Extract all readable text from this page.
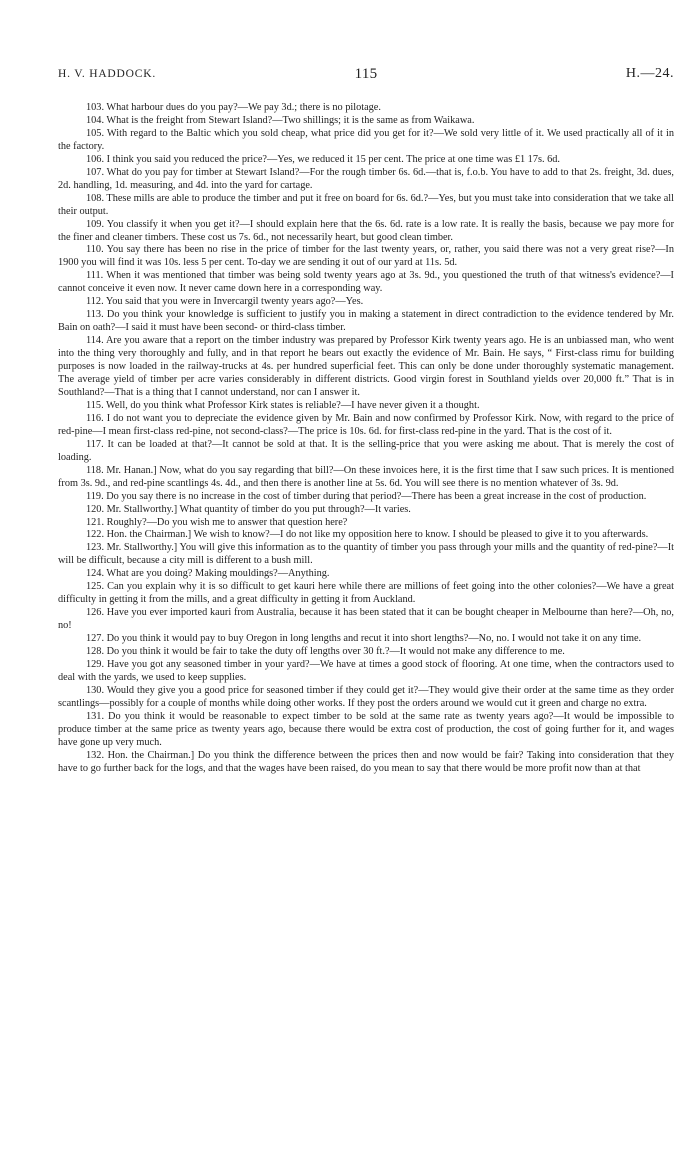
H. V. HADDOCK.	115	H.—24.

103. What harbour dues do you pay?—We pay 3d.; there is no pilotage.

104. What is the freight from Stewart Island?—Two shillings; it is the same as from Waikawa.

105. With regard to the Baltic which you sold cheap, what price did you get for it?—We sold very little of it. We used practically all of it in the factory.

106. I think you said you reduced the price?—Yes, we reduced it 15 per cent. The price at one time was £1 17s. 6d.

107. What do you pay for timber at Stewart Island?—For the rough timber 6s. 6d.—that is, f.o.b. You have to add to that 2s. freight, 3d. dues, 2d. handling, 1d. measuring, and 4d. into the yard for cartage.

108. These mills are able to produce the timber and put it free on board for 6s. 6d.?—Yes, but you must take into consideration that we take all their output.

109. You classify it when you get it?—I should explain here that the 6s. 6d. rate is a low rate. It is really the basis, because we pay more for the finer and cleaner timbers. These cost us 7s. 6d., not necessarily heart, but good clean timber.

110. You say there has been no rise in the price of timber for the last twenty years, or, rather, you said there was not a very great rise?—In 1900 you will find it was 10s. less 5 per cent. To-day we are sending it out of our yard at 11s. 5d.

111. When it was mentioned that timber was being sold twenty years ago at 3s. 9d., you questioned the truth of that witness's evidence?—I cannot conceive it even now. It never came down here in a corresponding way.

112. You said that you were in Invercargil twenty years ago?—Yes.

113. Do you think your knowledge is sufficient to justify you in making a statement in direct contradiction to the evidence tendered by Mr. Bain on oath?—I said it must have been second- or third-class timber.

114. Are you aware that a report on the timber industry was prepared by Professor Kirk twenty years ago. He is an unbiassed man, who went into the thing very thoroughly and fully, and in that report he bears out exactly the evidence of Mr. Bain. He says, “ First-class rimu for building purposes is now loaded in the railway-trucks at 4s. per hundred superficial feet. This can only be done under thoroughly systematic management. The average yield of timber per acre varies considerably in different districts. Good virgin forest in Southland yields over 20,000 ft.” That is in Southland?—That is a thing that I cannot understand, nor can I answer it.

115. Well, do you think what Professor Kirk states is reliable?—I have never given it a thought.

116. I do not want you to depreciate the evidence given by Mr. Bain and now confirmed by Professor Kirk. Now, with regard to the price of red-pine—I mean first-class red-pine, not second-class?—The price is 10s. 6d. for first-class red-pine in the yard. That is the cost of it.

117. It can be loaded at that?—It cannot be sold at that. It is the selling-price that you were asking me about. That is merely the cost of loading.

118. Mr. Hanan.] Now, what do you say regarding that bill?—On these invoices here, it is the first time that I saw such prices. It is mentioned from 3s. 9d., and red-pine scantlings 4s. 4d., and then there is another line at 5s. 6d. You will see there is no mention whatever of 3s. 9d.

119. Do you say there is no increase in the cost of timber during that period?—There has been a great increase in the cost of production.

120. Mr. Stallworthy.] What quantity of timber do you put through?—It varies.

121. Roughly?—Do you wish me to answer that question here?

122. Hon. the Chairman.] We wish to know?—I do not like my opposition here to know. I should be pleased to give it to you afterwards.

123. Mr. Stallworthy.] You will give this information as to the quantity of timber you pass through your mills and the quantity of red-pine?—It will be difficult, because a city mill is different to a bush mill.

124. What are you doing? Making mouldings?—Anything.

125. Can you explain why it is so difficult to get kauri here while there are millions of feet going into the other colonies?—We have a great difficulty in getting it from the mills, and a great difficulty in getting it from Auckland.

126. Have you ever imported kauri from Australia, because it has been stated that it can be bought cheaper in Melbourne than here?—Oh, no, no!

127. Do you think it would pay to buy Oregon in long lengths and recut it into short lengths?—No, no. I would not take it on any time.

128. Do you think it would be fair to take the duty off lengths over 30 ft.?—It would not make any difference to me.

129. Have you got any seasoned timber in your yard?—We have at times a good stock of flooring. At one time, when the contractors used to deal with the yards, we used to keep supplies.

130. Would they give you a good price for seasoned timber if they could get it?—They would give their order at the same time as they order scantlings—possibly for a couple of months while doing other works. If they post the orders around we would cut it green and charge no extra.

131. Do you think it would be reasonable to expect timber to be sold at the same rate as twenty years ago?—It would be impossible to produce timber at the same price as twenty years ago, because there would be extra cost of production, the cost of going further for it, and wages have gone up very much.

132. Hon. the Chairman.] Do you think the difference between the prices then and now would be fair? Taking into consideration that they have to go further back for the logs, and that the wages have been raised, do you mean to say that there would be more profit now than at that
